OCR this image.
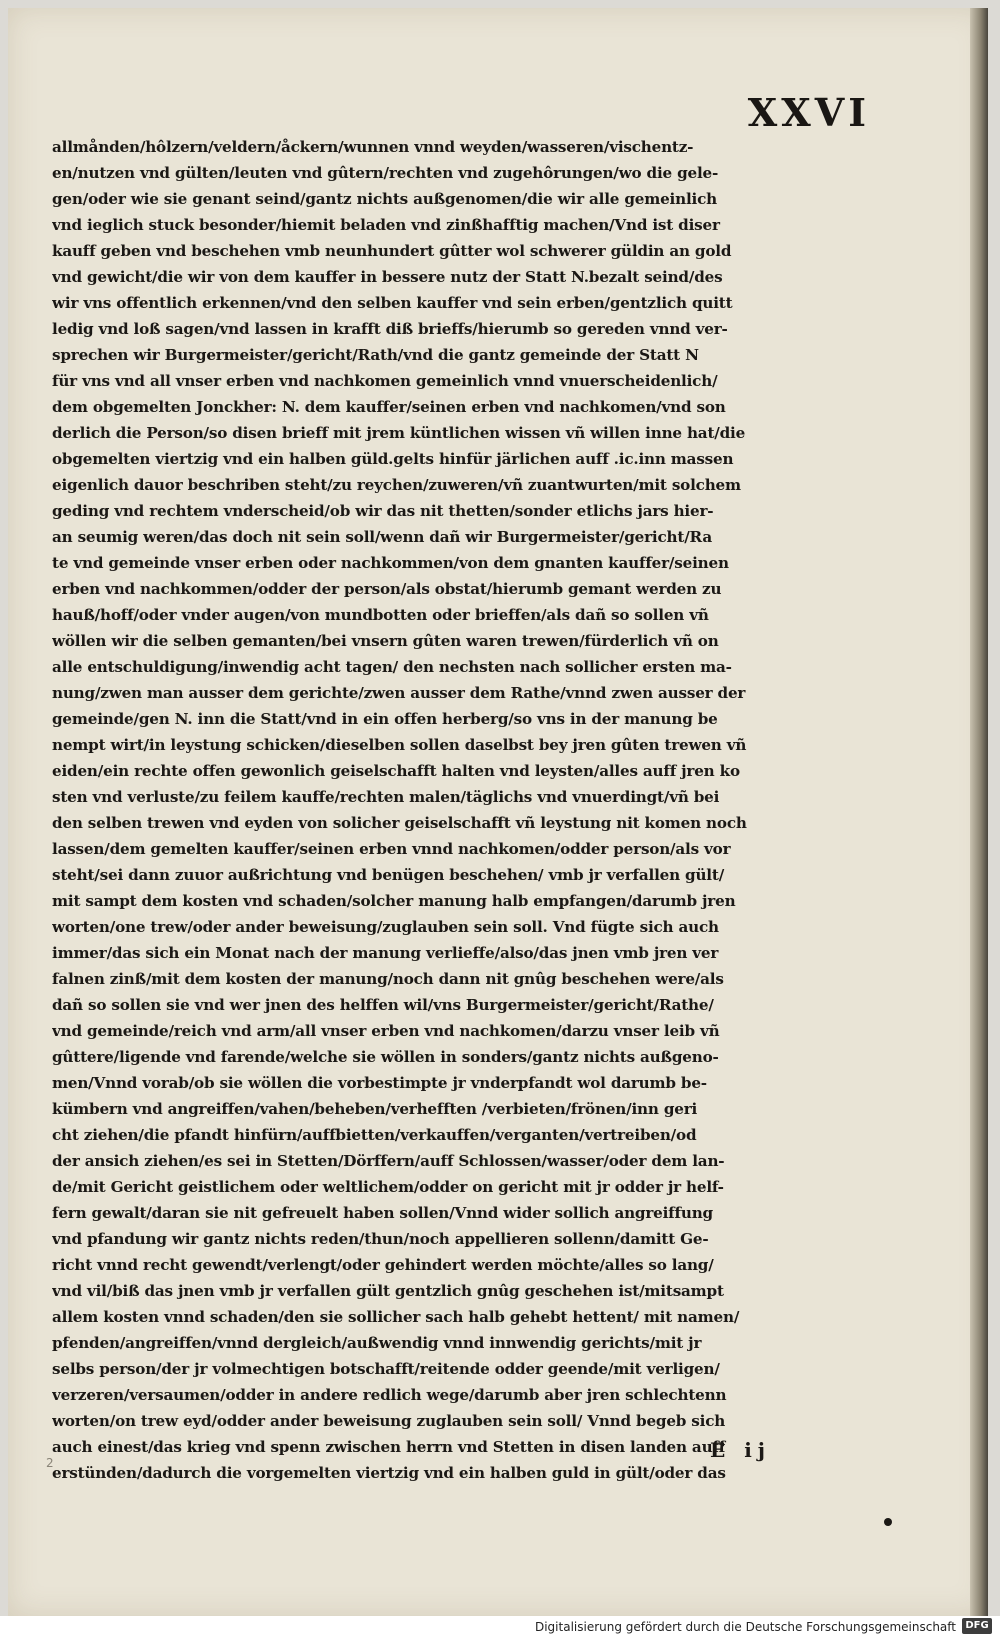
XXVI
allmånden/hôlzern/veldern/åckern/wunnen vnnd weyden/wasseren/vischentz-
en/nutzen vnd gülten/leuten vnd gûtern/rechten vnd zugehôrungen/wo die gele-
gen/oder wie sie genant seind/gantz nichts außgenomen/die wir alle gemeinlich
vnd ieglich stuck besonder/hiemit beladen vnd zinßhafftig machen/Vnd ist diser
kauff geben vnd beschehen vmb neunhundert gûtter wol schwerer güldin an gold
vnd gewicht/die wir von dem kauffer in bessere nutz der Statt N.bezalt seind/des
wir vns offentlich erkennen/vnd den selben kauffer vnd sein erben/gentzlich quitt
ledig vnd loß sagen/vnd lassen in krafft diß brieffs/hierumb so gereden vnnd ver-
sprechen wir Burgermeister/gericht/Rath/vnd die gantz gemeinde der Statt N
für vns vnd all vnser erben vnd nachkomen gemeinlich vnnd vnuerscheidenlich/
dem obgemelten Jonckher: N. dem kauffer/seinen erben vnd nachkomen/vnd son
derlich die Person/so disen brieff mit jrem küntlichen wissen vñ willen inne hat/die
obgemelten viertzig vnd ein halben güld.gelts hinfür järlichen auff .ic.inn massen
eigenlich dauor beschriben steht/zu reychen/zuweren/vñ zuantwurten/mit solchem
geding vnd rechtem vnderscheid/ob wir das nit thetten/sonder etlichs jars hier-
an seumig weren/das doch nit sein soll/wenn dañ wir Burgermeister/gericht/Ra
te vnd gemeinde vnser erben oder nachkommen/von dem gnanten kauffer/seinen
erben vnd nachkommen/odder der person/als obstat/hierumb gemant werden zu
hauß/hoff/oder vnder augen/von mundbotten oder brieffen/als dañ so sollen vñ
wöllen wir die selben gemanten/bei vnsern gûten waren trewen/fürderlich vñ on
alle entschuldigung/inwendig acht tagen/ den nechsten nach sollicher ersten ma-
nung/zwen man ausser dem gerichte/zwen ausser dem Rathe/vnnd zwen ausser der
gemeinde/gen N. inn die Statt/vnd in ein offen herberg/so vns in der manung be
nempt wirt/in leystung schicken/dieselben sollen daselbst bey jren gûten trewen vñ
eiden/ein rechte offen gewonlich geiselschafft halten vnd leysten/alles auff jren ko
sten vnd verluste/zu feilem kauffe/rechten malen/täglichs vnd vnuerdingt/vñ bei
den selben trewen vnd eyden von solicher geiselschafft vñ leystung nit komen noch
lassen/dem gemelten kauffer/seinen erben vnnd nachkomen/odder person/als vor
steht/sei dann zuuor außrichtung vnd benügen beschehen/ vmb jr verfallen gült/
mit sampt dem kosten vnd schaden/solcher manung halb empfangen/darumb jren
worten/one trew/oder ander beweisung/zuglauben sein soll. Vnd fügte sich auch
immer/das sich ein Monat nach der manung verlieffe/also/das jnen vmb jren ver
falnen zinß/mit dem kosten der manung/noch dann nit gnûg beschehen were/als
dañ so sollen sie vnd wer jnen des helffen wil/vns Burgermeister/gericht/Rathe/
vnd gemeinde/reich vnd arm/all vnser erben vnd nachkomen/darzu vnser leib vñ
gûttere/ligende vnd farende/welche sie wöllen in sonders/gantz nichts außgeno-
men/Vnnd vorab/ob sie wöllen die vorbestimpte jr vnderpfandt wol darumb be-
kümbern vnd angreiffen/vahen/beheben/verhefften /verbieten/frönen/inn geri
cht ziehen/die pfandt hinfürn/auffbietten/verkauffen/verganten/vertreiben/od
der ansich ziehen/es sei in Stetten/Dörffern/auff Schlossen/wasser/oder dem lan-
de/mit Gericht geistlichem oder weltlichem/odder on gericht mit jr odder jr helf-
fern gewalt/daran sie nit gefreuelt haben sollen/Vnnd wider sollich angreiffung
vnd pfandung wir gantz nichts reden/thun/noch appellieren sollenn/damitt Ge-
richt vnnd recht gewendt/verlengt/oder gehindert werden möchte/alles so lang/
vnd vil/biß das jnen vmb jr verfallen gült gentzlich gnûg geschehen ist/mitsampt
allem kosten vnnd schaden/den sie sollicher sach halb gehebt hettent/ mit namen/
pfenden/angreiffen/vnnd dergleich/außwendig vnnd innwendig gerichts/mit jr
selbs person/der jr volmechtigen botschafft/reitende odder geende/mit verligen/
verzeren/versaumen/odder in andere redlich wege/darumb aber jren schlechtenn
worten/on trew eyd/odder ander beweisung zuglauben sein soll/ Vnnd begeb sich
auch einest/das krieg vnd spenn zwischen herrn vnd Stetten in disen landen auff
erstünden/dadurch die vorgemelten viertzig vnd ein halben guld in gült/oder das
2
E ij
Digitalisierung gefördert durch die Deutsche Forschungsgemeinschaft DFG
